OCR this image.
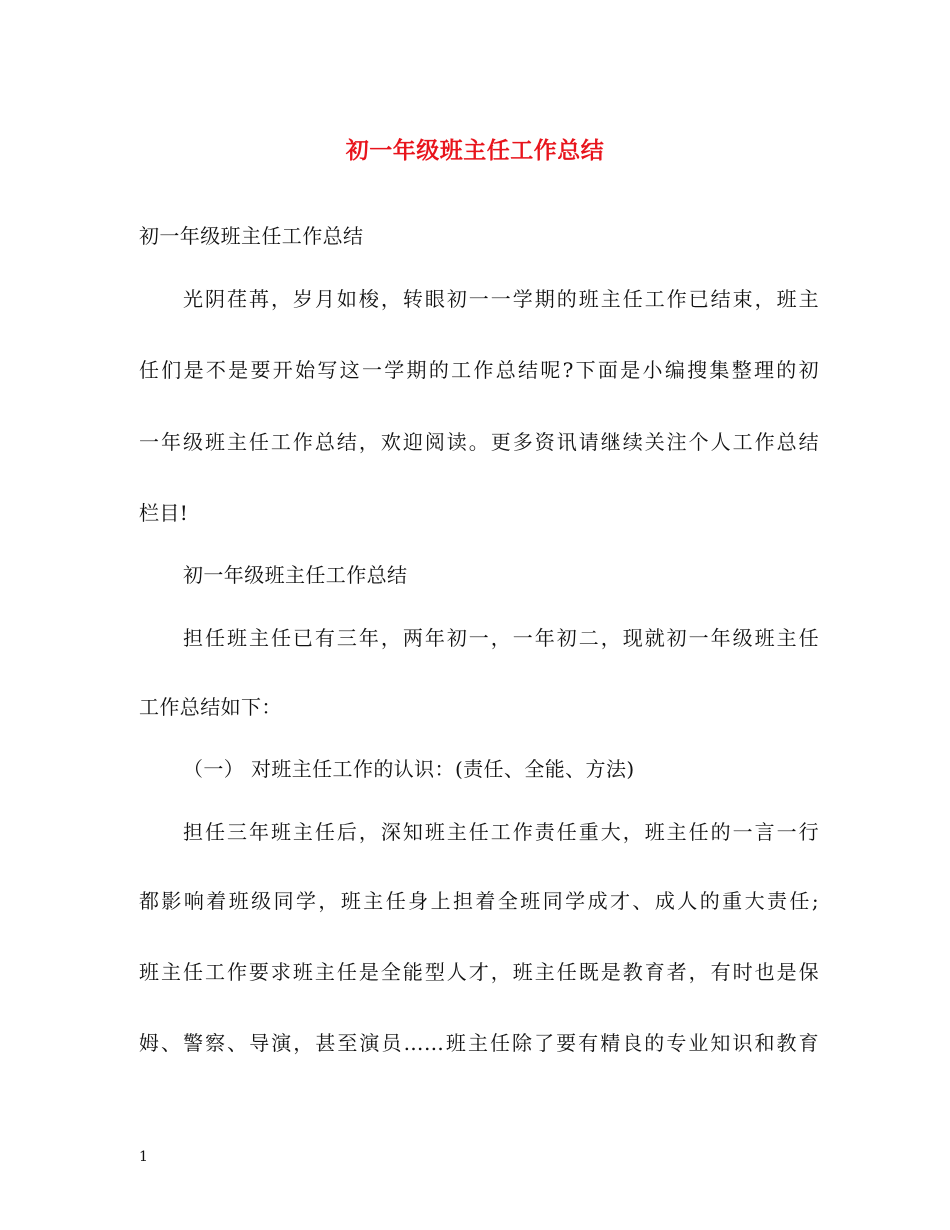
初一年级班主任工作总结
初一年级班主任工作总结
光阴荏苒，岁月如梭，转眼初一一学期的班主任工作已结束，班主
任们是不是要开始写这一学期的工作总结呢?下面是小编搜集整理的初
一年级班主任工作总结，欢迎阅读。更多资讯请继续关注个人工作总结
栏目!
初一年级班主任工作总结
担任班主任已有三年，两年初一，一年初二，现就初一年级班主任
工作总结如下：
（一） 对班主任工作的认识：(责任、全能、方法)
担任三年班主任后，深知班主任工作责任重大，班主任的一言一行
都影响着班级同学，班主任身上担着全班同学成才、成人的重大责任;
班主任工作要求班主任是全能型人才，班主任既是教育者，有时也是保
姆、警察、导演，甚至演员……班主任除了要有精良的专业知识和教育
1
